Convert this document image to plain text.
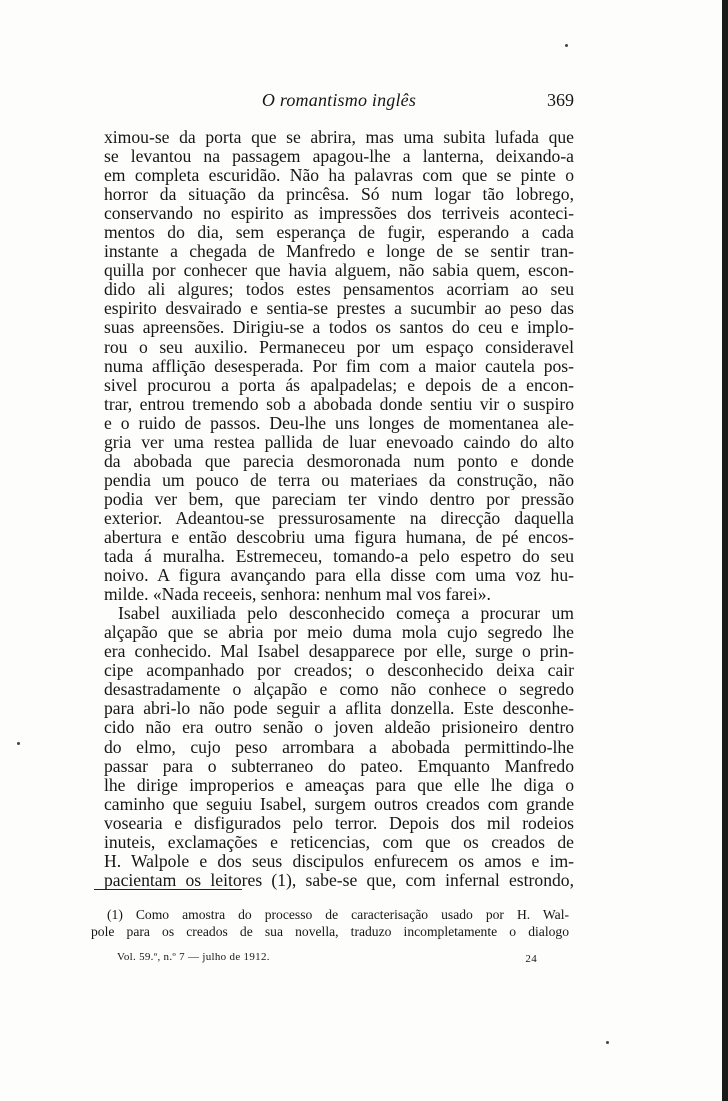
O romantismo inglês	369
ximou-se da porta que se abrira, mas uma subita lufada que
se levantou na passagem apagou-lhe a lanterna, deixando-a
em completa escuridão. Não ha palavras com que se pinte o
horror da situação da princêsa. Só num logar tão lobrego,
conservando no espirito as impressões dos terriveis aconteci-
mentos do dia, sem esperança de fugir, esperando a cada
instante a chegada de Manfredo e longe de se sentir tran-
quilla por conhecer que havia alguem, não sabia quem, escon-
dido ali algures; todos estes pensamentos acorriam ao seu
espirito desvairado e sentia-se prestes a sucumbir ao peso das
suas apreensões. Dirigiu-se a todos os santos do ceu e implo-
rou o seu auxilio. Permaneceu por um espaço consideravel
numa affliçāo desesperada. Por fim com a maior cautela pos-
sivel procurou a porta ás apalpadelas; e depois de a encon-
trar, entrou tremendo sob a abobada donde sentiu vir o suspiro
e o ruido de passos. Deu-lhe uns longes de momentanea ale-
gria ver uma restea pallida de luar enevoado caindo do alto
da abobada que parecia desmoronada num ponto e donde
pendia um pouco de terra ou materiaes da construção, não
podia ver bem, que pareciam ter vindo dentro por pressão
exterior. Adeantou-se pressurosamente na direcção daquella
abertura e então descobriu uma figura humana, de pé encos-
tada á muralha. Estremeceu, tomando-a pelo espetro do seu
noivo. A figura avançando para ella disse com uma voz hu-
milde. «Nada receeis, senhora: nenhum mal vos farei».
Isabel auxiliada pelo desconhecido começa a procurar um
alçapão que se abria por meio duma mola cujo segredo lhe
era conhecido. Mal Isabel desapparece por elle, surge o prin-
cipe acompanhado por creados; o desconhecido deixa cair
desastradamente o alçapão e como não conhece o segredo
para abri-lo não pode seguir a aflita donzella. Este desconhe-
cido não era outro senão o joven aldeão prisioneiro dentro
do elmo, cujo peso arrombara a abobada permittindo-lhe
passar para o subterraneo do pateo. Emquanto Manfredo
lhe dirige improperios e ameaças para que elle lhe diga o
caminho que seguiu Isabel, surgem outros creados com grande
vosearia e disfigurados pelo terror. Depois dos mil rodeios
inuteis, exclamações e reticencias, com que os creados de
H. Walpole e dos seus discipulos enfurecem os amos e im-
pacientam os leitores (1), sabe-se que, com infernal estrondo,
(1) Como amostra do processo de caracterisação usado por H. Wal-
pole para os creados de sua novella, traduzo incompletamente o dialogo
Vol. 59.º, n.º 7 — julho de 1912.	24
